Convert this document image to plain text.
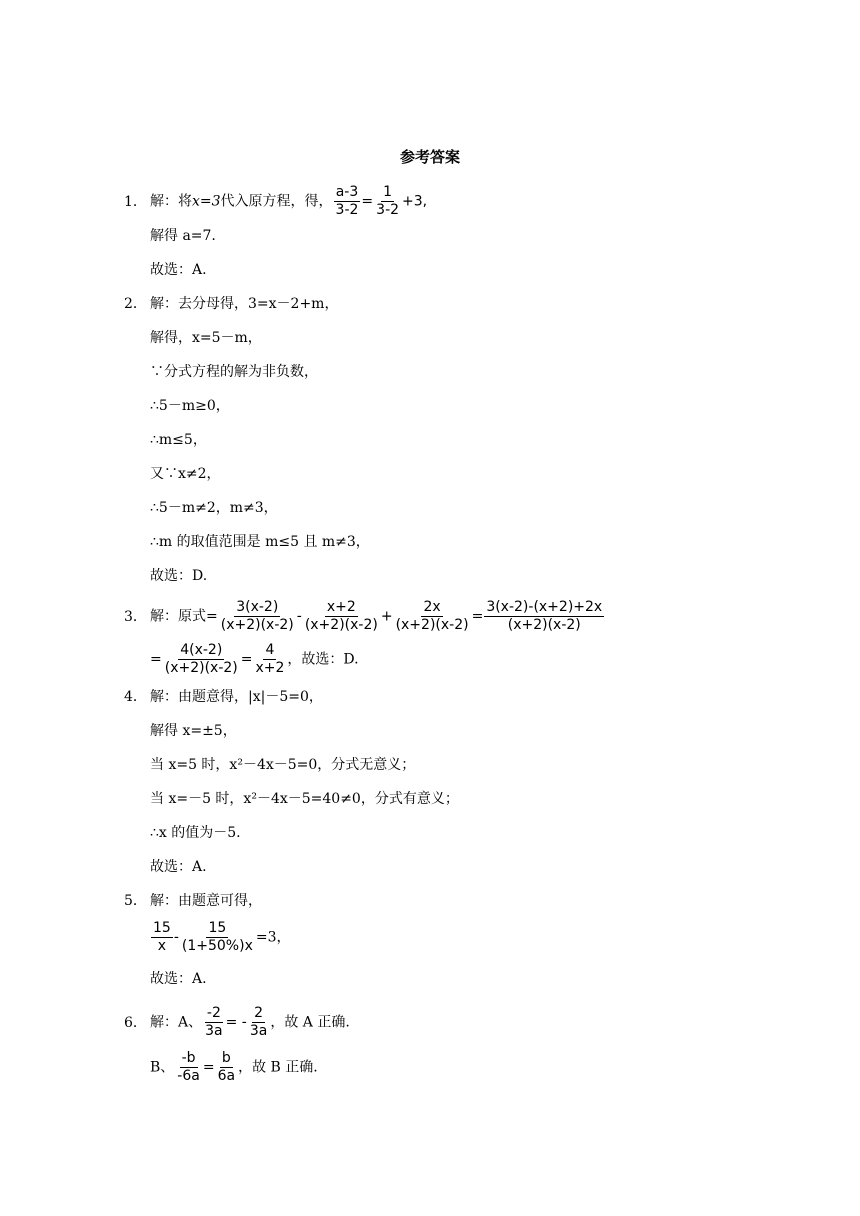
参考答案
1． 解：将x=3代入原方程，得， $\frac{a-3}{3-2} = \frac{1}{3-2} +3$,
解得 a=7.
故选：A.
2． 解：去分母得，3=x－2+m，
解得，x=5－m，
∵分式方程的解为非负数，
∴5－m≥0，
∴m≤5，
又∵x≠2，
∴5－m≠2，m≠3，
∴m 的取值范围是 m≤5 且 m≠3，
故选：D.
3． 解：原式= $\frac{3(x-2)}{(x+2)(x-2)} - \frac{x+2}{(x+2)(x-2)} + \frac{2x}{(x+2)(x-2)} = \frac{3(x-2)-(x+2)+2x}{(x+2)(x-2)}$
= $\frac{4(x-2)}{(x+2)(x-2)} = \frac{4}{x+2}$ ，故选：D.
4． 解：由题意得，|x|－5=0，
解得 x=±5，
当 x=5 时，x²－4x－5=0，分式无意义；
当 x=－5 时，x²－4x－5=40≠0，分式有意义；
∴x 的值为－5.
故选：A.
5． 解：由题意可得，
$\frac{15}{x} - \frac{15}{(1+50\%)x} =3$，
故选：A.
6． 解：A、 $\frac{-2}{3a}$ = - $\frac{2}{3a}$ ，故 A 正确.
B、 $\frac{-b}{-6a} = \frac{b}{6a}$ ，故 B 正确.
